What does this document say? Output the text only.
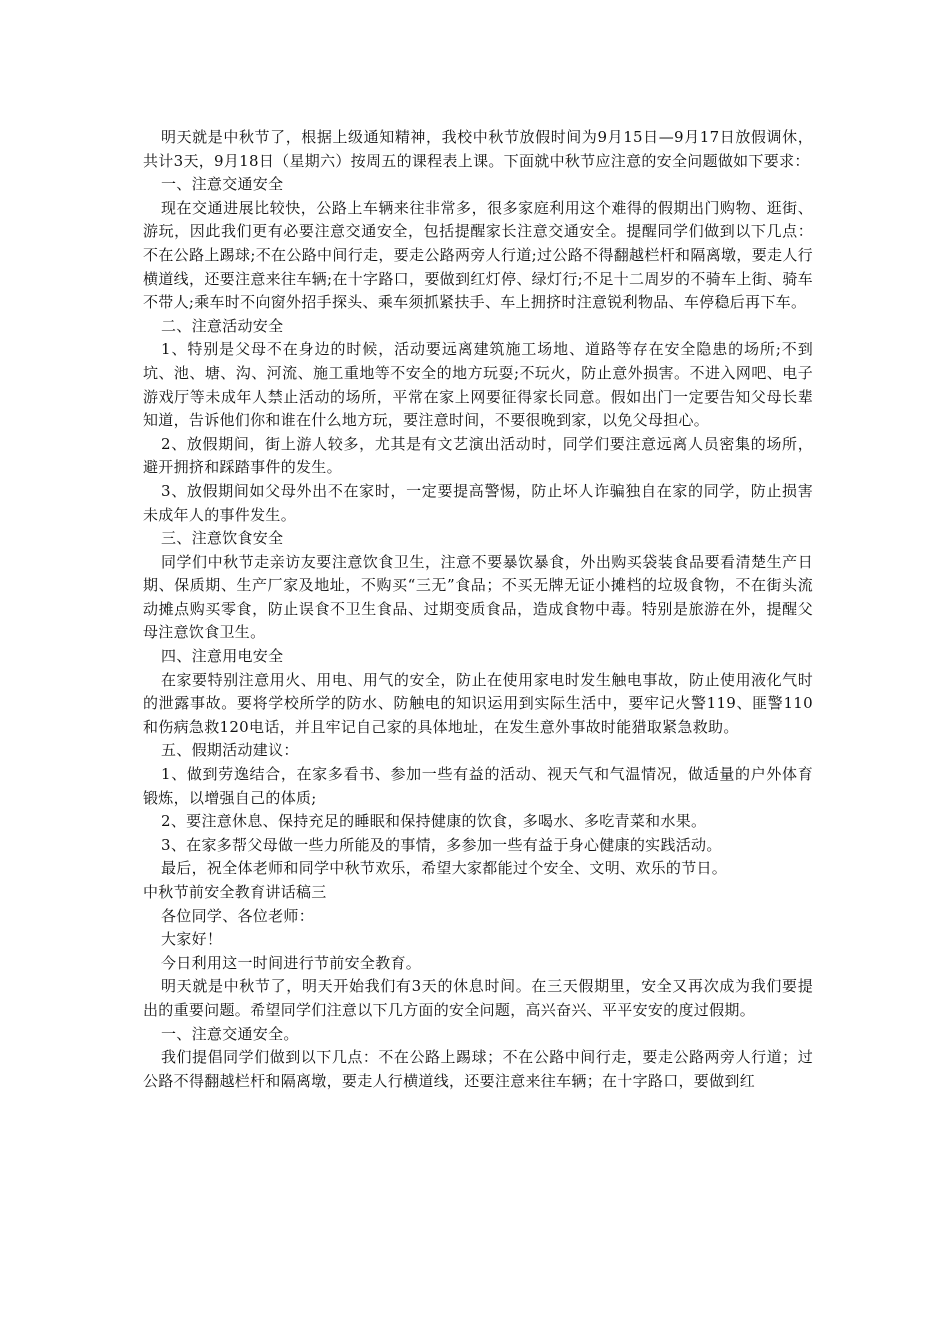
明天就是中秋节了，根据上级通知精神，我校中秋节放假时间为9月15日—9月17日放假调休，共计3天，9月18日（星期六）按周五的课程表上课。下面就中秋节应注意的安全问题做如下要求：

一、注意交通安全

现在交通进展比较快，公路上车辆来往非常多，很多家庭利用这个难得的假期出门购物、逛街、游玩，因此我们更有必要注意交通安全，包括提醒家长注意交通安全。提醒同学们做到以下几点：不在公路上踢球;不在公路中间行走，要走公路两旁人行道;过公路不得翻越栏杆和隔离墩，要走人行横道线，还要注意来往车辆;在十字路口，要做到红灯停、绿灯行;不足十二周岁的不骑车上街、骑车不带人;乘车时不向窗外招手探头、乘车须抓紧扶手、车上拥挤时注意锐利物品、车停稳后再下车。

二、注意活动安全

1、特别是父母不在身边的时候，活动要远离建筑施工场地、道路等存在安全隐患的场所;不到坑、池、塘、沟、河流、施工重地等不安全的地方玩耍;不玩火，防止意外损害。不进入网吧、电子游戏厅等未成年人禁止活动的场所，平常在家上网要征得家长同意。假如出门一定要告知父母长辈知道，告诉他们你和谁在什么地方玩，要注意时间，不要很晚到家，以免父母担心。

2、放假期间，街上游人较多，尤其是有文艺演出活动时，同学们要注意远离人员密集的场所，避开拥挤和踩踏事件的发生。

3、放假期间如父母外出不在家时，一定要提高警惕，防止坏人诈骗独自在家的同学，防止损害未成年人的事件发生。

三、注意饮食安全

同学们中秋节走亲访友要注意饮食卫生，注意不要暴饮暴食，外出购买袋装食品要看清楚生产日期、保质期、生产厂家及地址，不购买“三无”食品；不买无牌无证小摊档的垃圾食物，不在街头流动摊点购买零食，防止误食不卫生食品、过期变质食品，造成食物中毒。特别是旅游在外，提醒父母注意饮食卫生。

四、注意用电安全

在家要特别注意用火、用电、用气的安全，防止在使用家电时发生触电事故，防止使用液化气时的泄露事故。要将学校所学的防水、防触电的知识运用到实际生活中，要牢记火警119、匪警110和伤病急救120电话，并且牢记自己家的具体地址，在发生意外事故时能猎取紧急救助。

五、假期活动建议：

1、做到劳逸结合，在家多看书、参加一些有益的活动、视天气和气温情况，做适量的户外体育锻炼，以增强自己的体质;

2、要注意休息、保持充足的睡眠和保持健康的饮食，多喝水、多吃青菜和水果。

3、在家多帮父母做一些力所能及的事情，多参加一些有益于身心健康的实践活动。

最后，祝全体老师和同学中秋节欢乐，希望大家都能过个安全、文明、欢乐的节日。

中秋节前安全教育讲话稿三

各位同学、各位老师：

大家好！

今日利用这一时间进行节前安全教育。

明天就是中秋节了，明天开始我们有3天的休息时间。在三天假期里，安全又再次成为我们要提出的重要问题。希望同学们注意以下几方面的安全问题，高兴奋兴、平平安安的度过假期。

一、注意交通安全。

我们提倡同学们做到以下几点：不在公路上踢球；不在公路中间行走，要走公路两旁人行道；过公路不得翻越栏杆和隔离墩，要走人行横道线，还要注意来往车辆；在十字路口，要做到红
